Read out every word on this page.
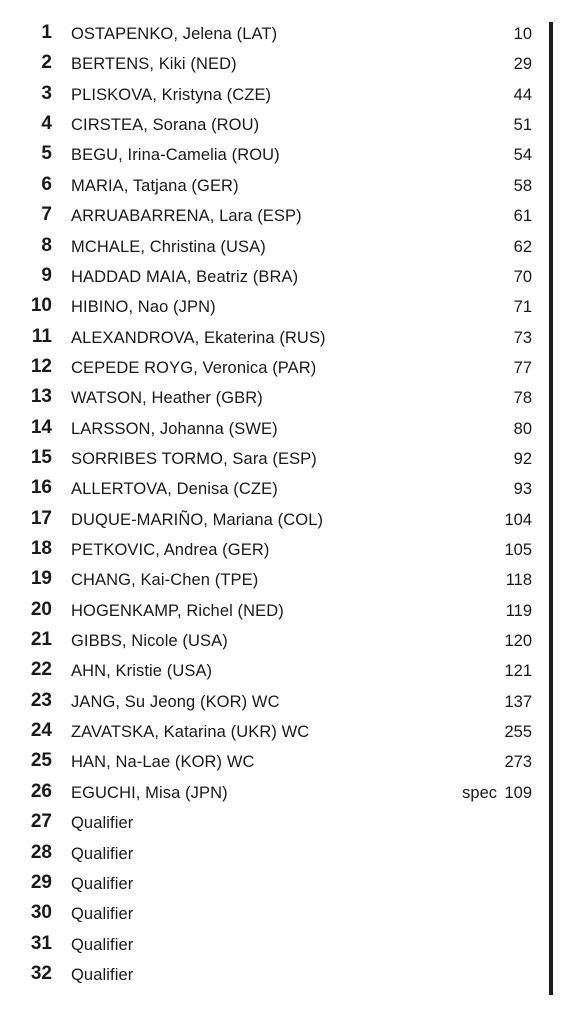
1 OSTAPENKO, Jelena (LAT)	10
2 BERTENS, Kiki (NED)	29
3 PLISKOVA, Kristyna (CZE)	44
4 CIRSTEA, Sorana (ROU)	51
5 BEGU, Irina-Camelia (ROU)	54
6 MARIA, Tatjana (GER)	58
7 ARRUABARRENA, Lara (ESP)	61
8 MCHALE, Christina (USA)	62
9 HADDAD MAIA, Beatriz (BRA)	70
10 HIBINO, Nao (JPN)	71
11 ALEXANDROVA, Ekaterina (RUS)	73
12 CEPEDE ROYG, Veronica (PAR)	77
13 WATSON, Heather (GBR)	78
14 LARSSON, Johanna (SWE)	80
15 SORRIBES TORMO, Sara (ESP)	92
16 ALLERTOVA, Denisa (CZE)	93
17 DUQUE-MARIÑO, Mariana (COL)	104
18 PETKOVIC, Andrea (GER)	105
19 CHANG, Kai-Chen (TPE)	118
20 HOGENKAMP, Richel (NED)	119
21 GIBBS, Nicole (USA)	120
22 AHN, Kristie (USA)	121
23 JANG, Su Jeong (KOR) WC	137
24 ZAVATSKA, Katarina (UKR) WC	255
25 HAN, Na-Lae (KOR) WC	273
26 EGUCHI, Misa (JPN)	spec 109
27 Qualifier
28 Qualifier
29 Qualifier
30 Qualifier
31 Qualifier
32 Qualifier
